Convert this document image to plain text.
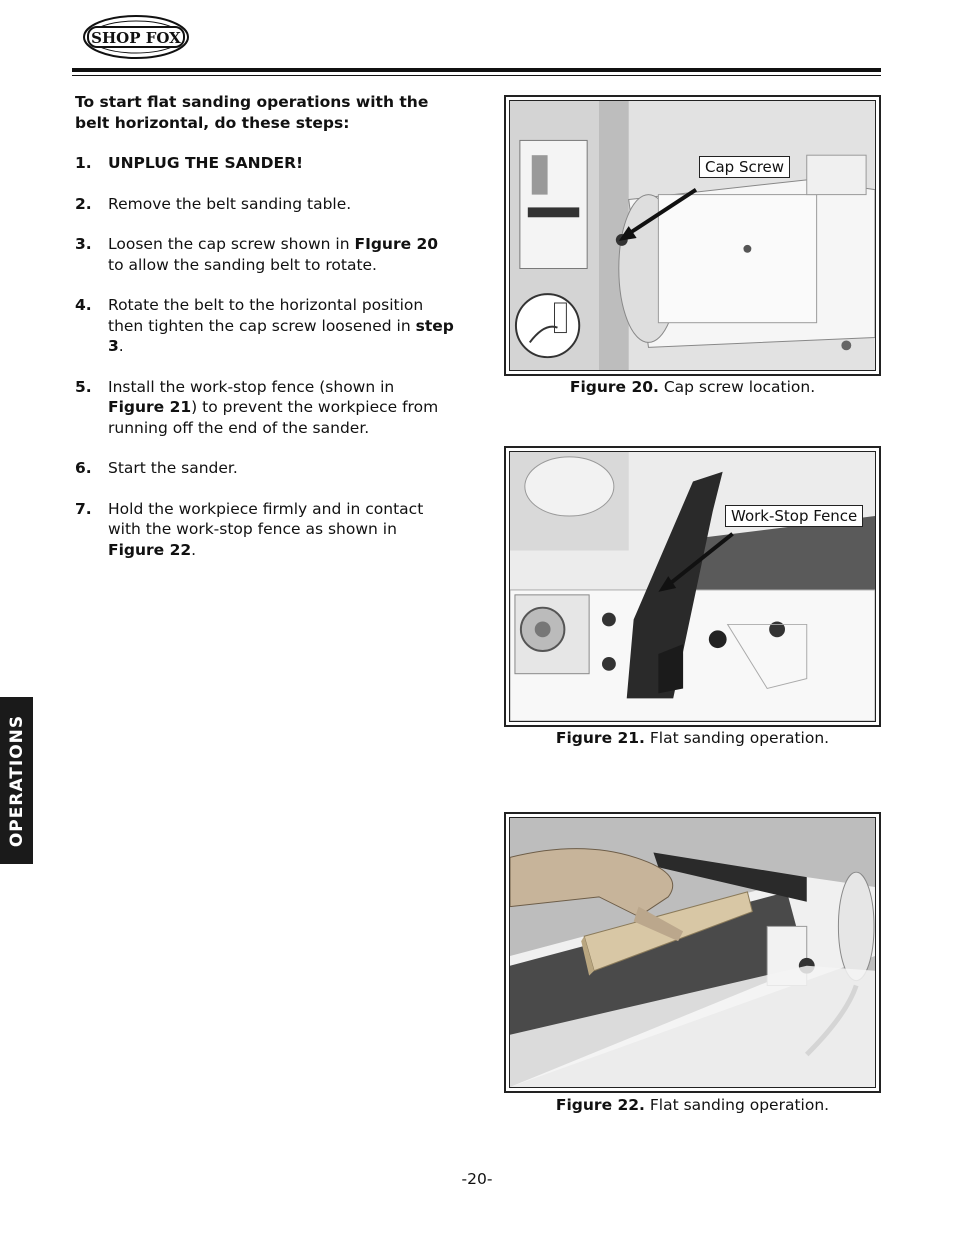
SHOP FOX

To start flat sanding operations with the belt horizontal, do these steps:

1.	UNPLUG THE SANDER!
2.	Remove the belt sanding table.
3.	Loosen the cap screw shown in FIgure 20 to allow the sanding belt to rotate.
4.	Rotate the belt to the horizontal position then tighten the cap screw loosened in step 3.
5.	Install the work-stop fence (shown in Figure 21) to prevent the workpiece from running off the end of the sander.
6.	Start the sander.
7.	Hold the workpiece firmly and in contact with the work-stop fence as shown in Figure 22.
Cap Screw
Figure 20. Cap screw location.
Work-Stop Fence
Figure 21. Flat sanding operation.
Figure 22. Flat sanding operation.
OPERATIONS
-20-
